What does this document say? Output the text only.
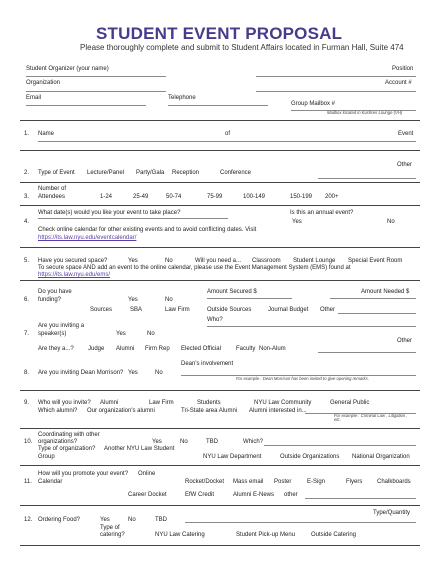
STUDENT EVENT PROPOSAL
Please thoroughly complete and submit to Student Affairs located in Furman Hall, Suite 474
Student Organizer (your name)	Position
Organization	Account #
Email	Telephone
Group Mailbox #
Mailbox located in Kushner Lounge (VH)
1. Name	of	Event
Other
2. Type of Event Lecture/Panel Party/Gala Reception	Conference
Number of
3. Attendees	1-24	25-49	50-74	75-99	100-149	150-199 200+
What date(s) would you like your event to take place?	Is this an annual event?
4.	Yes	No
Check online calendar for other existing events and to avoid conflicting dates. Visit
https://its.law.nyu.edu/eventcalendar/
5. Have you secured space?	Yes	No	Will you need a... Classroom Student Lounge Special Event Room
To secure space AND add an event to the online calendar, please use the Event Management System (EMS) found at
https://its.law.nyu.edu/ems/
Do you have	Amount Secured $	Amount Needed $
6. funding?	Yes	No
Sources	SBA	Law Firm	Outside Sources	Journal Budget Other
Who?
Are you inviting a
7. speaker(s)	Yes	No
Other
Are they a...? Judge Alumni Firm Rep Elected Official	Faculty Non-Alum
Dean's involvement
8. Are you inviting Dean Morrison? Yes	No
For example : Dean Morrison has been invited to give opening remarks.
9. Who will you invite? Alumni	Law Firm	Students	NYU Law Community	General Public
Which alumni? Our organization's alumni	Tri-State area Alumni Alumni interested in...
For example : Criminal Law , Litigation , etc.
Coordinating with other
10. organizations?	Yes	No	TBD	Which?
Type of organization? Another NYU Law Student
Group	NYU Law Department	Outside Organizations National Organization
How will you promote your event? Online
11. Calendar	Rocket/Docket Mass email Poster	E-Sign	Flyers Chalkboards
Career Docket	EfW Credit	Alumni E-News other
Type/Quantity
12. Ordering Food?	Yes	No	TBD
Type of
catering?	NYU Law Catering	Student Pick-up Menu	Outside Catering
